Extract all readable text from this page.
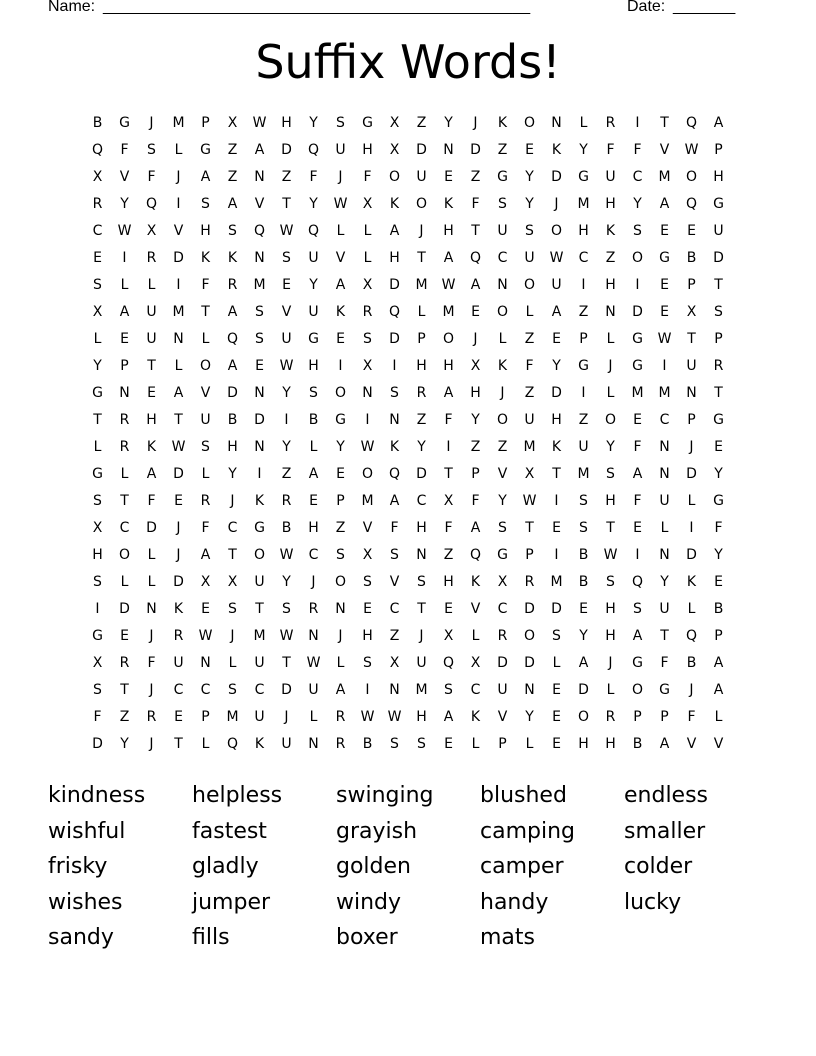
Name: ________________________________________________	Date: _______
Suffix Words!
B	G	J	M	P	X	W	H	Y	S	G	X	Z	Y	J	K	O	N	L	R	I	T	Q	A
Q	F	S	L	G	Z	A	D	Q	U	H	X	D	N	D	Z	E	K	Y	F	F	V	W	P
X	V	F	J	A	Z	N	Z	F	J	F	O	U	E	Z	G	Y	D	G	U	C	M	O	H
R	Y	Q	I	S	A	V	T	Y	W	X	K	O	K	F	S	Y	J	M	H	Y	A	Q	G
C	W	X	V	H	S	Q	W	Q	L	L	A	J	H	T	U	S	O	H	K	S	E	E	U
E	I	R	D	K	K	N	S	U	V	L	H	T	A	Q	C	U	W	C	Z	O	G	B	D
S	L	L	I	F	R	M	E	Y	A	X	D	M	W	A	N	O	U	I	H	I	E	P	T
X	A	U	M	T	A	S	V	U	K	R	Q	L	M	E	O	L	A	Z	N	D	E	X	S
L	E	U	N	L	Q	S	U	G	E	S	D	P	O	J	L	Z	E	P	L	G	W	T	P
Y	P	T	L	O	A	E	W	H	I	X	I	H	H	X	K	F	Y	G	J	G	I	U	R
G	N	E	A	V	D	N	Y	S	O	N	S	R	A	H	J	Z	D	I	L	M	M	N	T
T	R	H	T	U	B	D	I	B	G	I	N	Z	F	Y	O	U	H	Z	O	E	C	P	G
L	R	K	W	S	H	N	Y	L	Y	W	K	Y	I	Z	Z	M	K	U	Y	F	N	J	E
G	L	A	D	L	Y	I	Z	A	E	O	Q	D	T	P	V	X	T	M	S	A	N	D	Y
S	T	F	E	R	J	K	R	E	P	M	A	C	X	F	Y	W	I	S	H	F	U	L	G
X	C	D	J	F	C	G	B	H	Z	V	F	H	F	A	S	T	E	S	T	E	L	I	F
H	O	L	J	A	T	O	W	C	S	X	S	N	Z	Q	G	P	I	B	W	I	N	D	Y
S	L	L	D	X	X	U	Y	J	O	S	V	S	H	K	X	R	M	B	S	Q	Y	K	E
I	D	N	K	E	S	T	S	R	N	E	C	T	E	V	C	D	D	E	H	S	U	L	B
G	E	J	R	W	J	M	W	N	J	H	Z	J	X	L	R	O	S	Y	H	A	T	Q	P
X	R	F	U	N	L	U	T	W	L	S	X	U	Q	X	D	D	L	A	J	G	F	B	A
S	T	J	C	C	S	C	D	U	A	I	N	M	S	C	U	N	E	D	L	O	G	J	A
F	Z	R	E	P	M	U	J	L	R	W W	H	A	K	V	Y	E	O	R	P	P	F	L
D	Y	J	T	L	Q	K	U	N	R	B	S	S	E	L	P	L	E	H	H	B	A	V	V
kindness	helpless	swinging	blushed	endless
wishful	fastest	grayish	camping	smaller
frisky	gladly	golden	camper	colder
wishes	jumper	windy	handy	lucky
sandy	fills	boxer	mats
